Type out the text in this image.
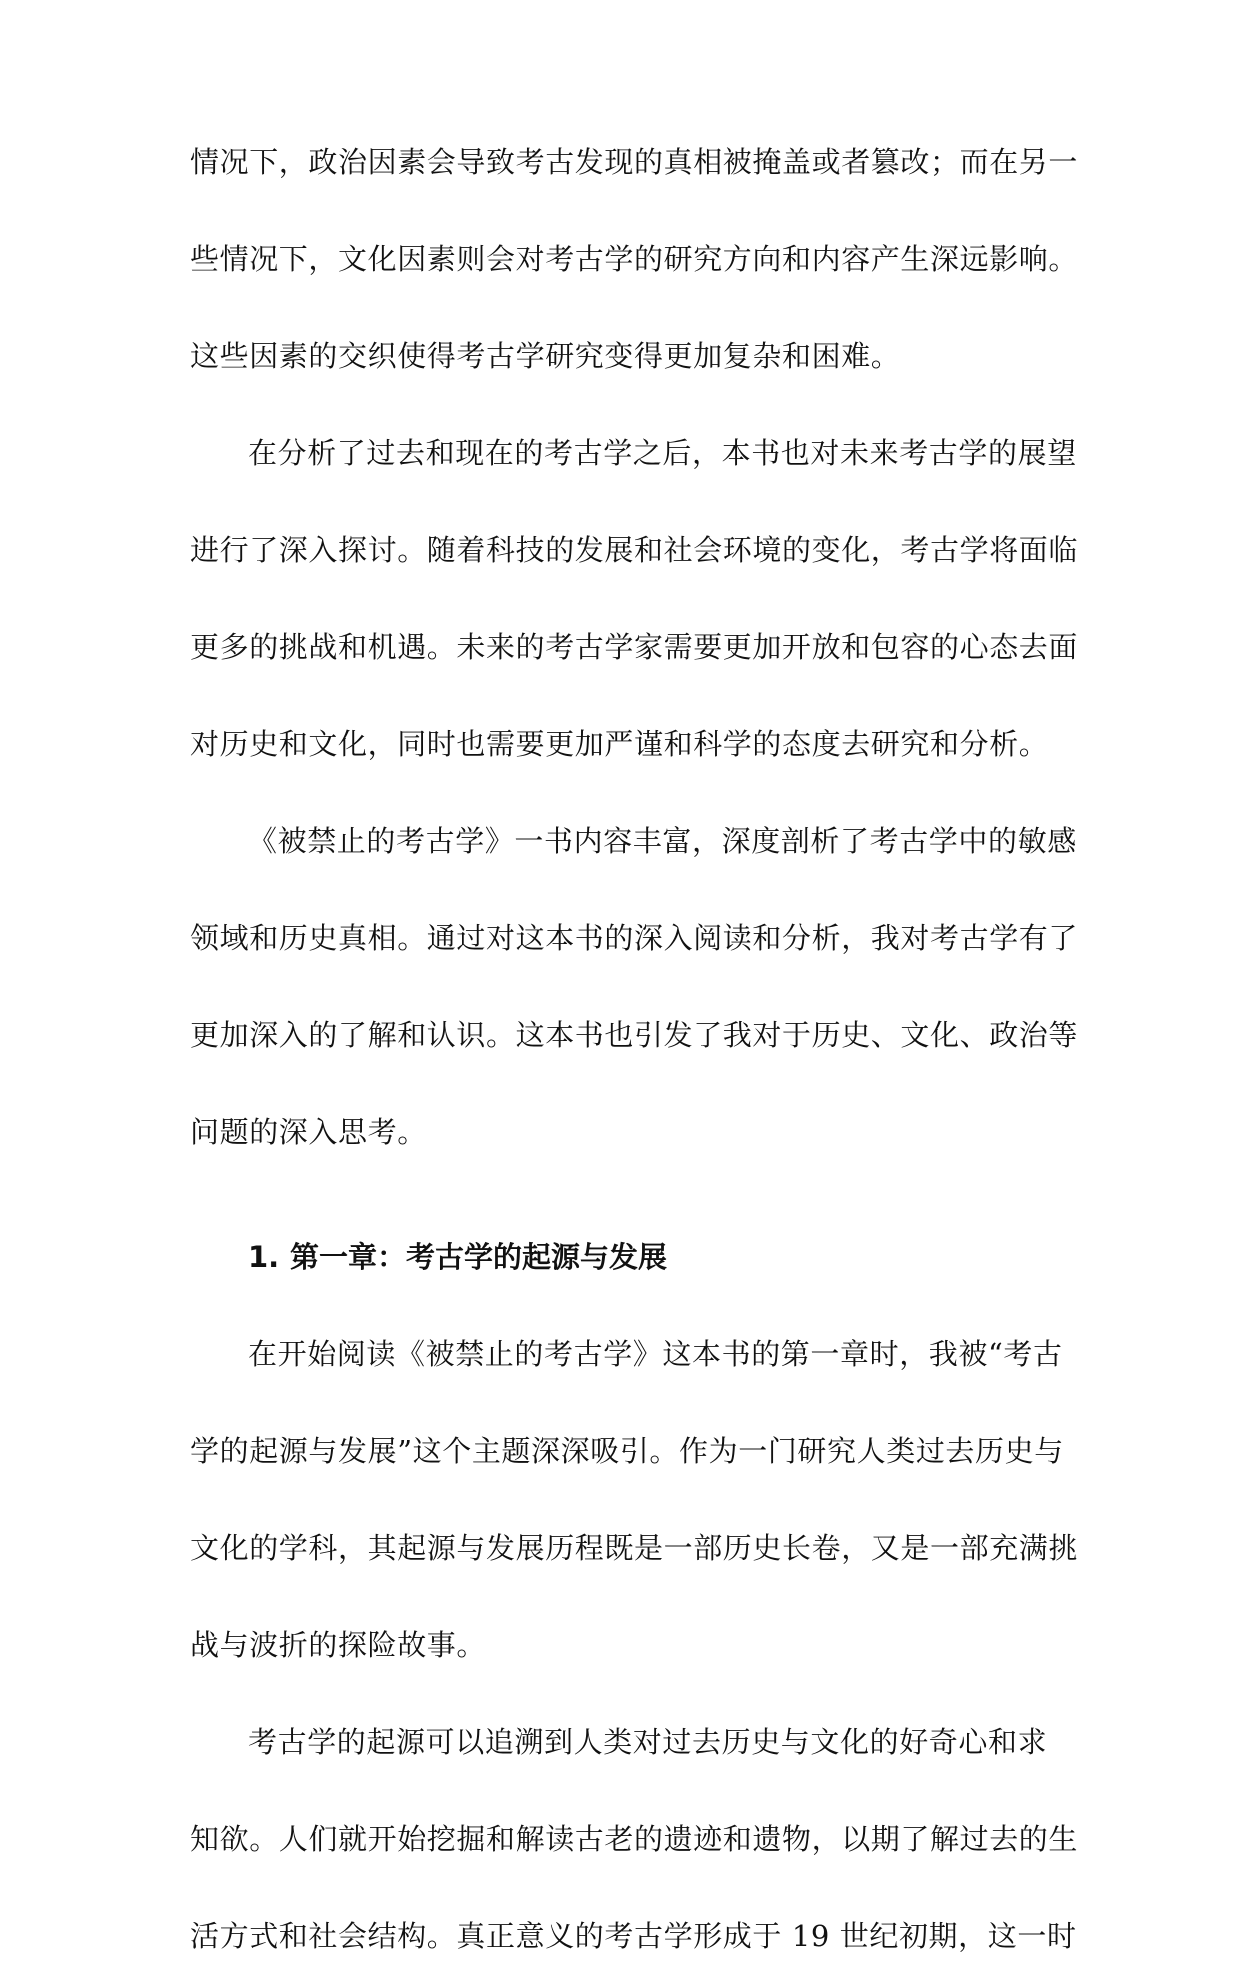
情况下，政治因素会导致考古发现的真相被掩盖或者篡改；而在另一
些情况下，文化因素则会对考古学的研究方向和内容产生深远影响。
这些因素的交织使得考古学研究变得更加复杂和困难。
在分析了过去和现在的考古学之后，本书也对未来考古学的展望
进行了深入探讨。随着科技的发展和社会环境的变化，考古学将面临
更多的挑战和机遇。未来的考古学家需要更加开放和包容的心态去面
对历史和文化，同时也需要更加严谨和科学的态度去研究和分析。
《被禁止的考古学》一书内容丰富，深度剖析了考古学中的敏感
领域和历史真相。通过对这本书的深入阅读和分析，我对考古学有了
更加深入的了解和认识。这本书也引发了我对于历史、文化、政治等
问题的深入思考。
1. 第一章：考古学的起源与发展
在开始阅读《被禁止的考古学》这本书的第一章时，我被“考古
学的起源与发展”这个主题深深吸引。作为一门研究人类过去历史与
文化的学科，其起源与发展历程既是一部历史长卷，又是一部充满挑
战与波折的探险故事。
考古学的起源可以追溯到人类对过去历史与文化的好奇心和求
知欲。人们就开始挖掘和解读古老的遗迹和遗物，以期了解过去的生
活方式和社会结构。真正意义的考古学形成于 19 世纪初期，这一时
